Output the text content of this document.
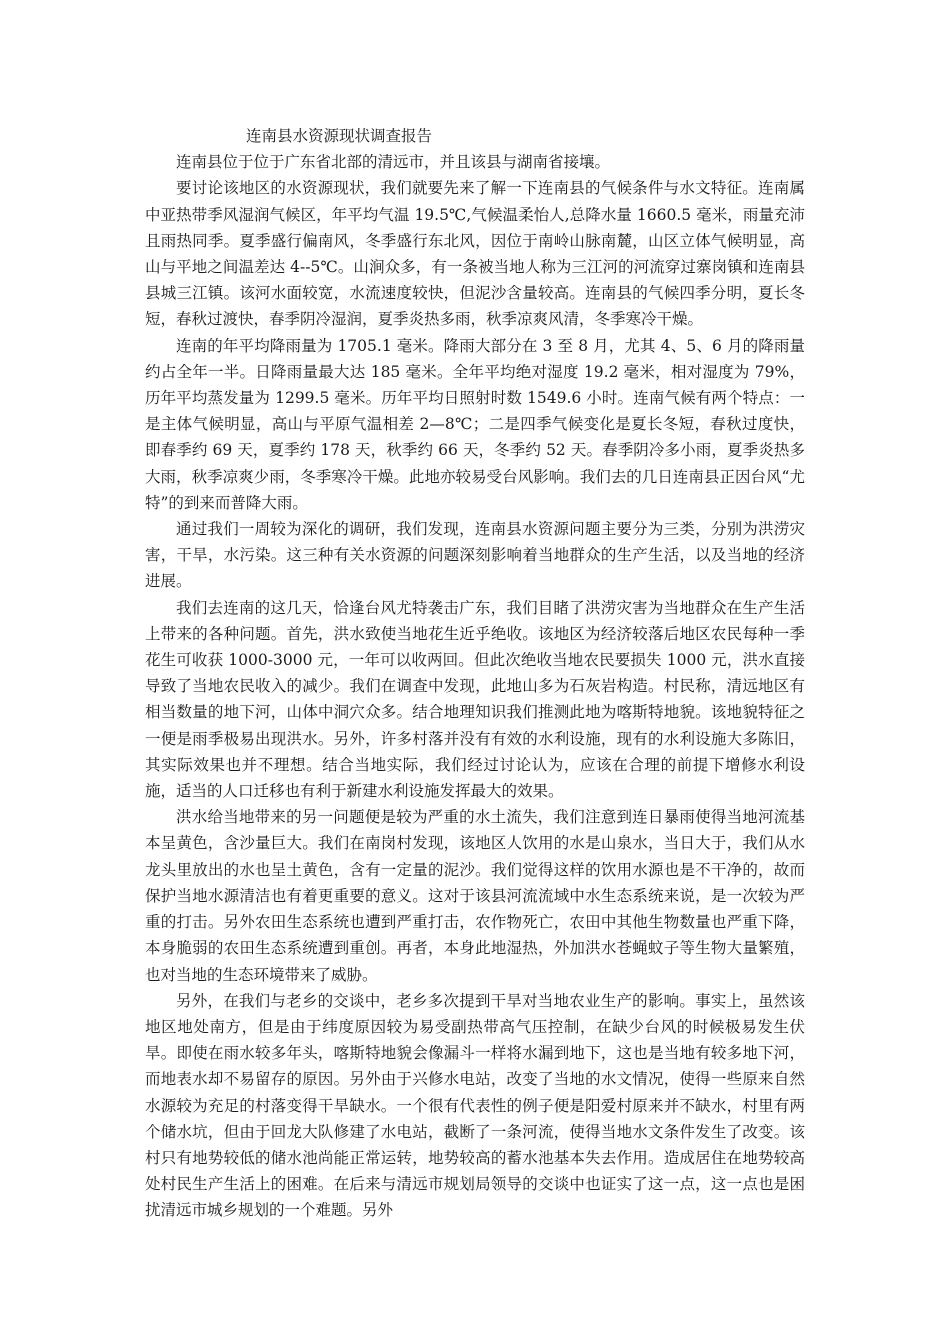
连南县水资源现状调查报告

连南县位于位于广东省北部的清远市，并且该县与湖南省接壤。

要讨论该地区的水资源现状，我们就要先来了解一下连南县的气候条件与水文特征。连南属中亚热带季风湿润气候区，年平均气温 19.5℃,气候温柔怡人,总降水量 1660.5 毫米，雨量充沛且雨热同季。夏季盛行偏南风，冬季盛行东北风，因位于南岭山脉南麓，山区立体气候明显，高山与平地之间温差达 4--5℃。山涧众多，有一条被当地人称为三江河的河流穿过寨岗镇和连南县县城三江镇。该河水面较宽，水流速度较快，但泥沙含量较高。连南县的气候四季分明，夏长冬短，春秋过渡快，春季阴冷湿润，夏季炎热多雨，秋季凉爽风清，冬季寒冷干燥。

连南的年平均降雨量为 1705.1 毫米。降雨大部分在 3 至 8 月，尤其 4、5、6 月的降雨量约占全年一半。日降雨量最大达 185 毫米。全年平均绝对湿度 19.2 毫米，相对湿度为 79%，历年平均蒸发量为 1299.5 毫米。历年平均日照射时数 1549.6 小时。连南气候有两个特点：一是主体气候明显，高山与平原气温相差 2—8℃；二是四季气候变化是夏长冬短，春秋过度快，即春季约 69 天，夏季约 178 天，秋季约 66 天，冬季约 52 天。春季阴冷多小雨，夏季炎热多大雨，秋季凉爽少雨，冬季寒冷干燥。此地亦较易受台风影响。我们去的几日连南县正因台风“尤特”的到来而普降大雨。

通过我们一周较为深化的调研，我们发现，连南县水资源问题主要分为三类，分别为洪涝灾害，干旱，水污染。这三种有关水资源的问题深刻影响着当地群众的生产生活，以及当地的经济进展。

我们去连南的这几天，恰逢台风尤特袭击广东，我们目睹了洪涝灾害为当地群众在生产生活上带来的各种问题。首先，洪水致使当地花生近乎绝收。该地区为经济较落后地区农民每种一季花生可收获 1000-3000 元，一年可以收两回。但此次绝收当地农民要损失 1000 元，洪水直接导致了当地农民收入的减少。我们在调查中发现，此地山多为石灰岩构造。村民称，清远地区有相当数量的地下河，山体中洞穴众多。结合地理知识我们推测此地为喀斯特地貌。该地貌特征之一便是雨季极易出现洪水。另外，许多村落并没有有效的水利设施，现有的水利设施大多陈旧，其实际效果也并不理想。结合当地实际，我们经过讨论认为，应该在合理的前提下增修水利设施，适当的人口迁移也有利于新建水利设施发挥最大的效果。

洪水给当地带来的另一问题便是较为严重的水土流失，我们注意到连日暴雨使得当地河流基本呈黄色，含沙量巨大。我们在南岗村发现，该地区人饮用的水是山泉水，当日大于，我们从水龙头里放出的水也呈土黄色，含有一定量的泥沙。我们觉得这样的饮用水源也是不干净的，故而保护当地水源清洁也有着更重要的意义。这对于该县河流流域中水生态系统来说，是一次较为严重的打击。另外农田生态系统也遭到严重打击，农作物死亡，农田中其他生物数量也严重下降，本身脆弱的农田生态系统遭到重创。再者，本身此地湿热，外加洪水苍蝇蚊子等生物大量繁殖，也对当地的生态环境带来了威胁。

另外，在我们与老乡的交谈中，老乡多次提到干旱对当地农业生产的影响。事实上，虽然该地区地处南方，但是由于纬度原因较为易受副热带高气压控制，在缺少台风的时候极易发生伏旱。即使在雨水较多年头，喀斯特地貌会像漏斗一样将水漏到地下，这也是当地有较多地下河，而地表水却不易留存的原因。另外由于兴修水电站，改变了当地的水文情况，使得一些原来自然水源较为充足的村落变得干旱缺水。一个很有代表性的例子便是阳爱村原来并不缺水，村里有两个储水坑，但由于回龙大队修建了水电站，截断了一条河流，使得当地水文条件发生了改变。该村只有地势较低的储水池尚能正常运转，地势较高的蓄水池基本失去作用。造成居住在地势较高处村民生产生活上的困难。在后来与清远市规划局领导的交谈中也证实了这一点，这一点也是困扰清远市城乡规划的一个难题。另外
